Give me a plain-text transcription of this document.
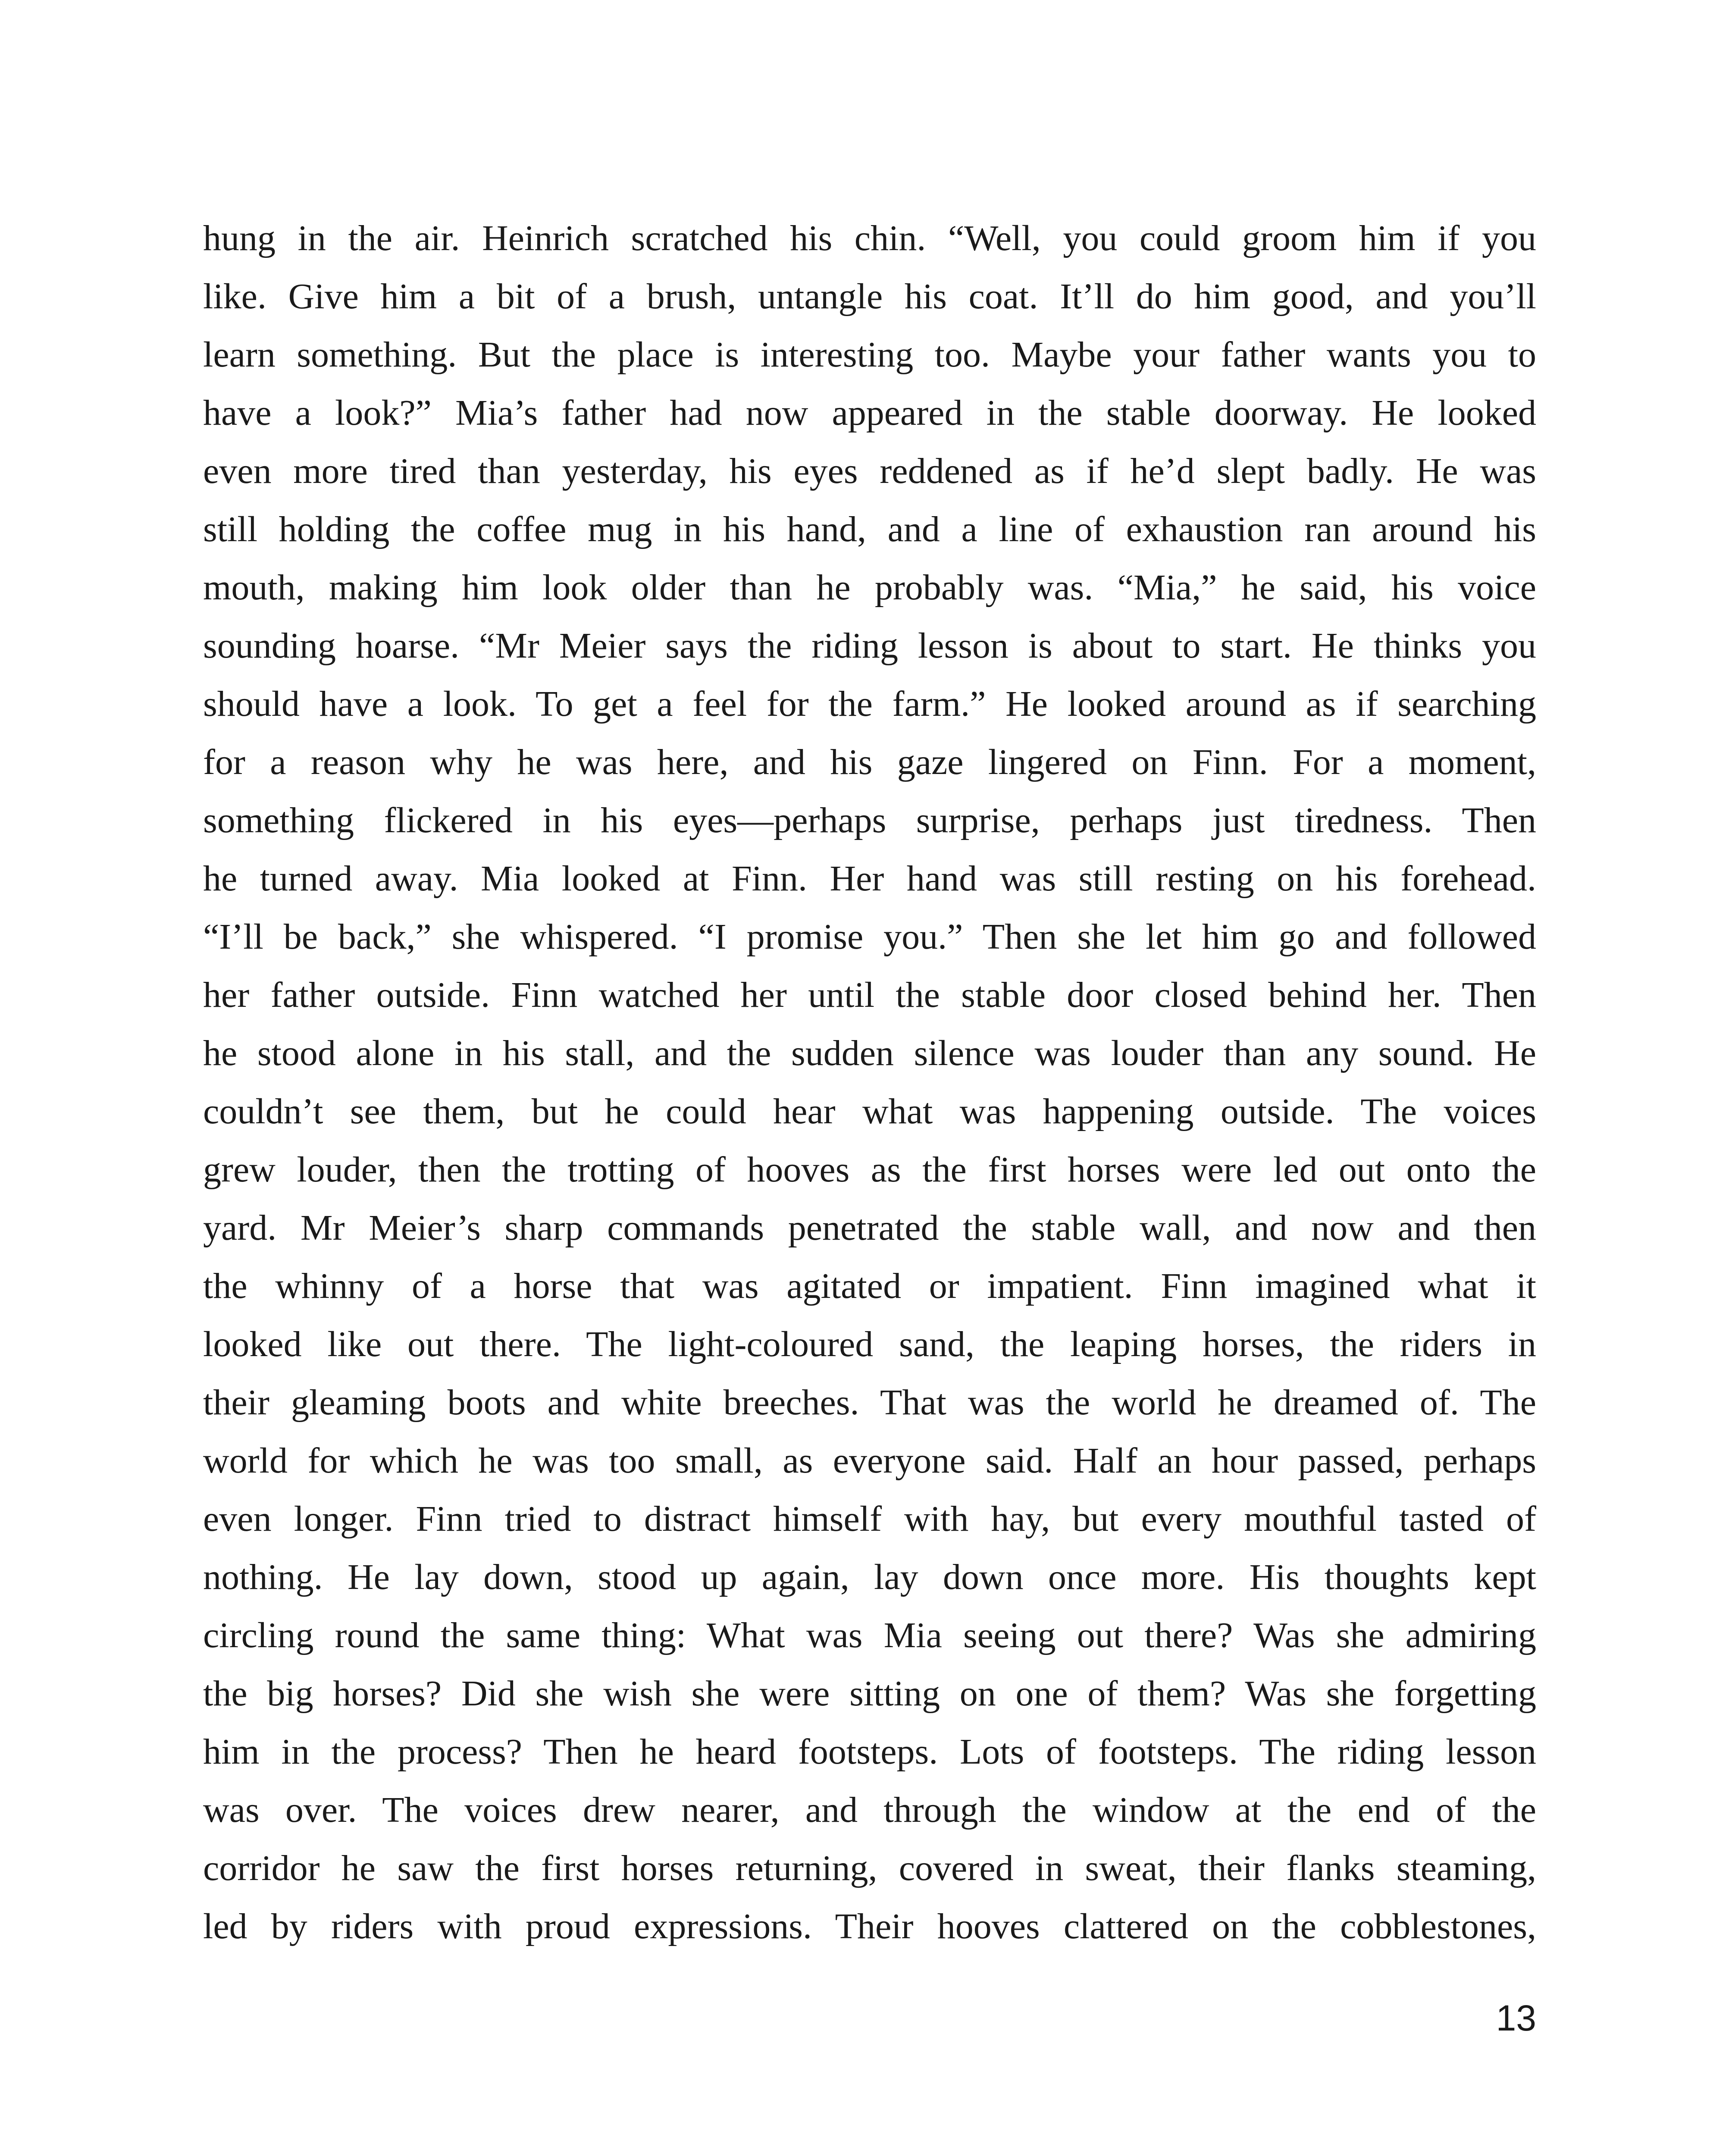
hung in the air. Heinrich scratched his chin. “Well, you could groom him if you
like. Give him a bit of a brush, untangle his coat. It’ll do him good, and you’ll
learn something. But the place is interesting too. Maybe your father wants you to
have a look?” Mia’s father had now appeared in the stable doorway. He looked
even more tired than yesterday, his eyes reddened as if he’d slept badly. He was
still holding the coffee mug in his hand, and a line of exhaustion ran around his
mouth, making him look older than he probably was. “Mia,” he said, his voice
sounding hoarse. “Mr Meier says the riding lesson is about to start. He thinks you
should have a look. To get a feel for the farm.” He looked around as if searching
for a reason why he was here, and his gaze lingered on Finn. For a moment,
something flickered in his eyes—perhaps surprise, perhaps just tiredness. Then
he turned away. Mia looked at Finn. Her hand was still resting on his forehead.
“I’ll be back,” she whispered. “I promise you.” Then she let him go and followed
her father outside. Finn watched her until the stable door closed behind her. Then
he stood alone in his stall, and the sudden silence was louder than any sound. He
couldn’t see them, but he could hear what was happening outside. The voices
grew louder, then the trotting of hooves as the first horses were led out onto the
yard. Mr Meier’s sharp commands penetrated the stable wall, and now and then
the whinny of a horse that was agitated or impatient. Finn imagined what it
looked like out there. The light-coloured sand, the leaping horses, the riders in
their gleaming boots and white breeches. That was the world he dreamed of. The
world for which he was too small, as everyone said. Half an hour passed, perhaps
even longer. Finn tried to distract himself with hay, but every mouthful tasted of
nothing. He lay down, stood up again, lay down once more. His thoughts kept
circling round the same thing: What was Mia seeing out there? Was she admiring
the big horses? Did she wish she were sitting on one of them? Was she forgetting
him in the process? Then he heard footsteps. Lots of footsteps. The riding lesson
was over. The voices drew nearer, and through the window at the end of the
corridor he saw the first horses returning, covered in sweat, their flanks steaming,
led by riders with proud expressions. Their hooves clattered on the cobblestones,
13
